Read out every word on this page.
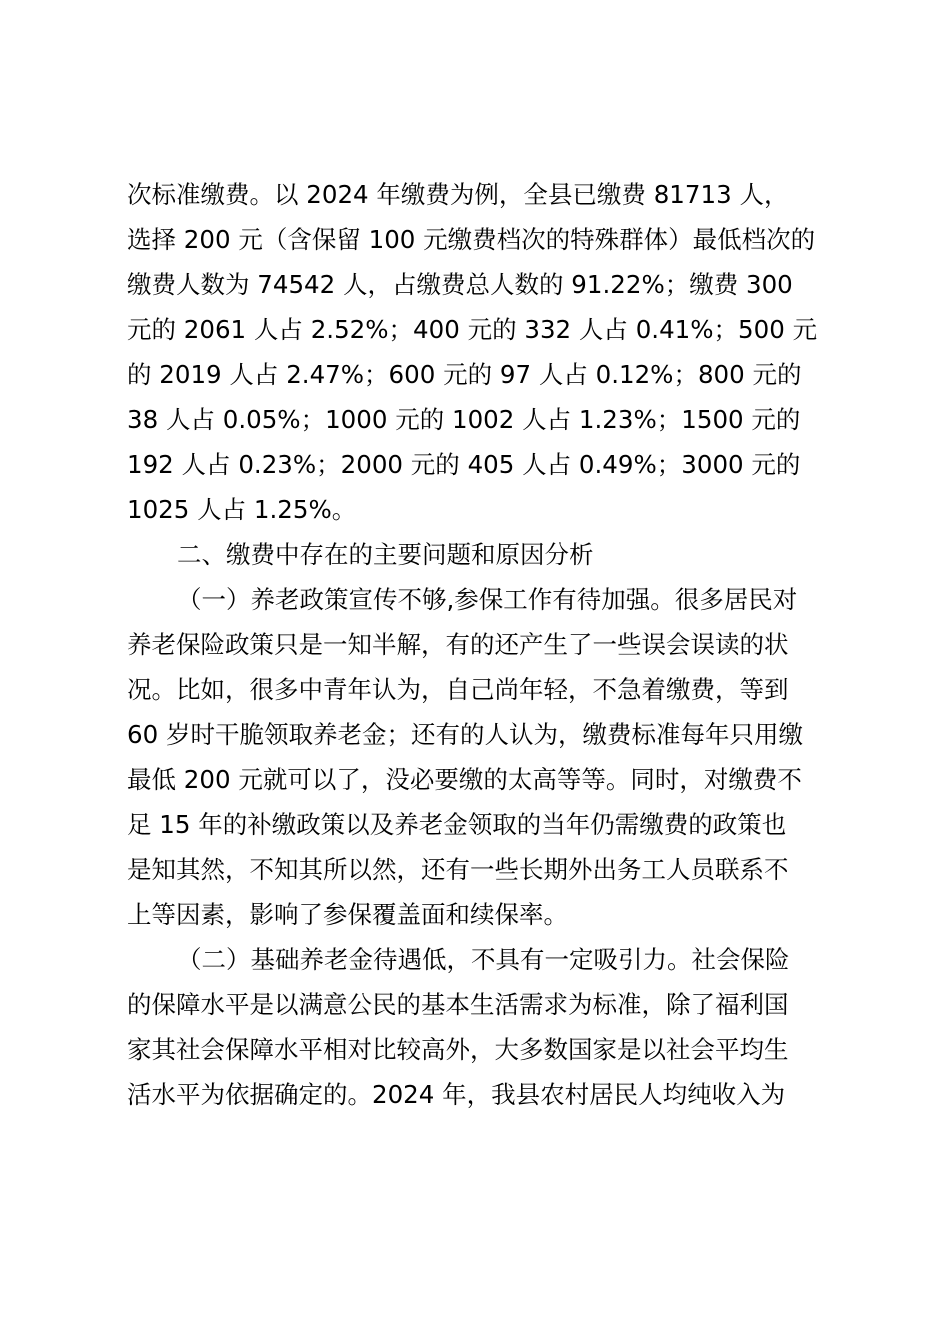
次标准缴费。以 2024 年缴费为例，全县已缴费 81713 人，
选择 200 元（含保留 100 元缴费档次的特殊群体）最低档次的
缴费人数为 74542 人，占缴费总人数的 91.22%；缴费 300
元的 2061 人占 2.52%；400 元的 332 人占 0.41%；500 元
的 2019 人占 2.47%；600 元的 97 人占 0.12%；800 元的
38 人占 0.05%；1000 元的 1002 人占 1.23%；1500 元的
192 人占 0.23%；2000 元的 405 人占 0.49%；3000 元的
1025 人占 1.25%。
二、缴费中存在的主要问题和原因分析
（一）养老政策宣传不够,参保工作有待加强。很多居民对
养老保险政策只是一知半解，有的还产生了一些误会误读的状
况。比如，很多中青年认为，自己尚年轻，不急着缴费，等到
60 岁时干脆领取养老金；还有的人认为，缴费标准每年只用缴
最低 200 元就可以了，没必要缴的太高等等。同时，对缴费不
足 15 年的补缴政策以及养老金领取的当年仍需缴费的政策也
是知其然，不知其所以然，还有一些长期外出务工人员联系不
上等因素，影响了参保覆盖面和续保率。
（二）基础养老金待遇低，不具有一定吸引力。社会保险
的保障水平是以满意公民的基本生活需求为标准，除了福利国
家其社会保障水平相对比较高外，大多数国家是以社会平均生
活水平为依据确定的。2024 年，我县农村居民人均纯收入为
